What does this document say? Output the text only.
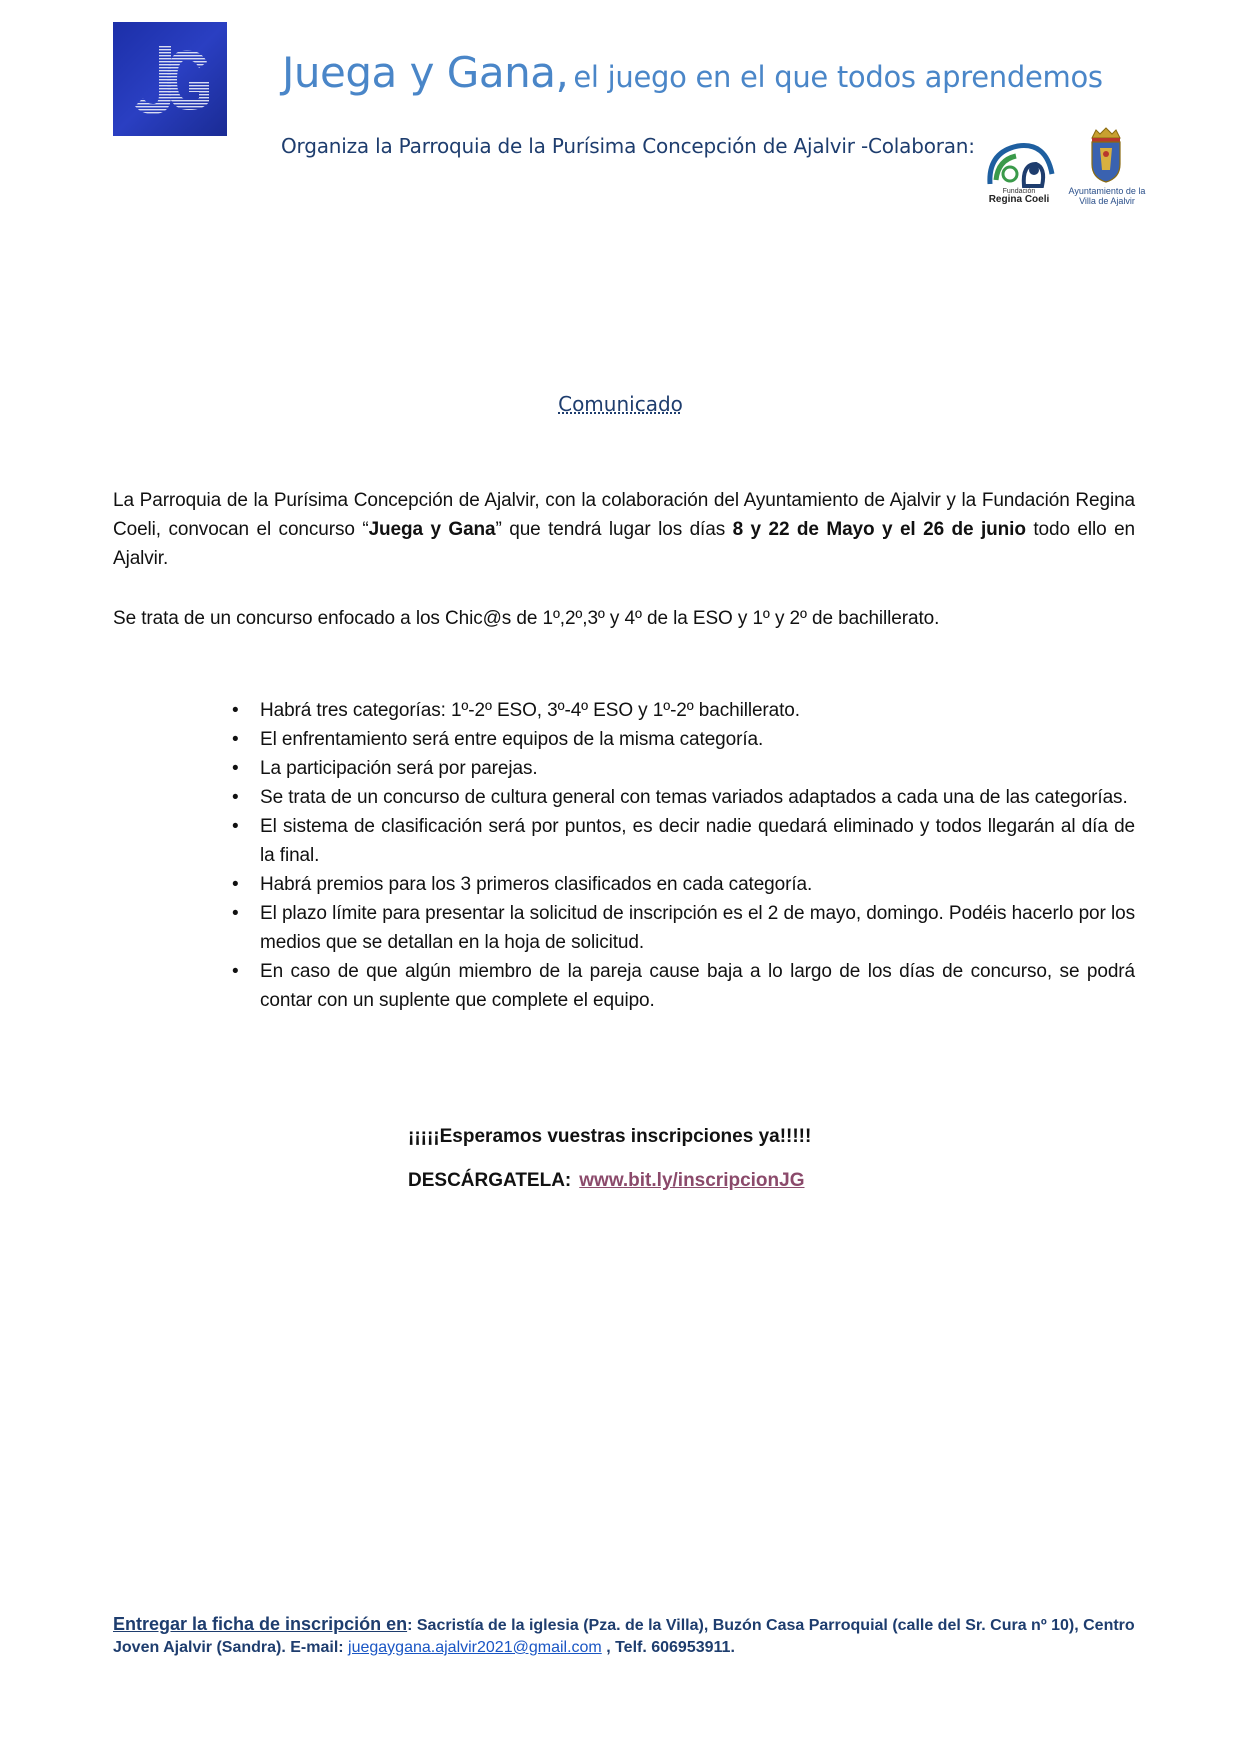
Juega y Gana, el juego en el que todos aprendemos
Organiza la Parroquia de la Purísima Concepción de Ajalvir -Colaboran:
Fundación
Regina Coeli
Ayuntamiento de la
Villa de Ajalvir
Comunicado
La Parroquia de la Purísima Concepción de Ajalvir, con la colaboración del Ayuntamiento de Ajalvir y la Fundación Regina Coeli, convocan el concurso “Juega y Gana” que tendrá lugar los días 8 y 22 de Mayo y el 26 de junio todo ello en Ajalvir.
Se trata de un concurso enfocado a los Chic@s de 1º,2º,3º y 4º de la ESO y 1º y 2º de bachillerato.
• Habrá tres categorías: 1º-2º ESO, 3º-4º ESO y 1º-2º bachillerato.
• El enfrentamiento será entre equipos de la misma categoría.
• La participación será por parejas.
• Se trata de un concurso de cultura general con temas variados adaptados a cada una de las categorías.
• El sistema de clasificación será por puntos, es decir nadie quedará eliminado y todos llegarán al día de la final.
• Habrá premios para los 3 primeros clasificados en cada categoría.
• El plazo límite para presentar la solicitud de inscripción es el 2 de mayo, domingo. Podéis hacerlo por los medios que se detallan en la hoja de solicitud.
• En caso de que algún miembro de la pareja cause baja a lo largo de los días de concurso, se podrá contar con un suplente que complete el equipo.
¡¡¡¡¡Esperamos vuestras inscripciones ya!!!!!
DESCÁRGATELA: www.bit.ly/inscripcionJG
Entregar la ficha de inscripción en: Sacristía de la iglesia (Pza. de la Villa), Buzón Casa Parroquial (calle del Sr. Cura nº 10), Centro Joven Ajalvir (Sandra). E-mail: juegaygana.ajalvir2021@gmail.com , Telf. 606953911.
